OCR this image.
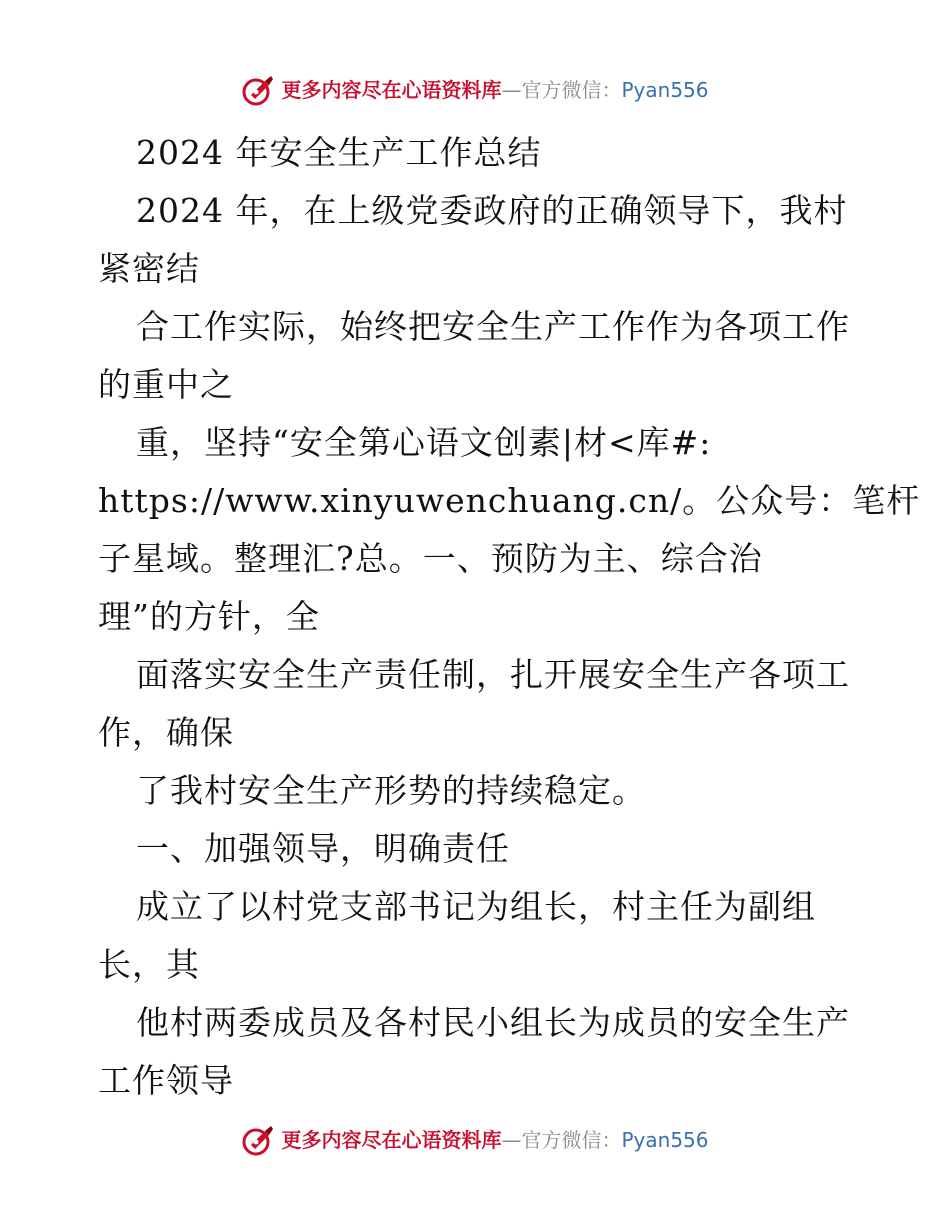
更多内容尽在心语资料库 — 官方微信： Pyan556
2024 年安全生产工作总结
2024 年，在上级党委政府的正确领导下，我村
紧密结
合工作实际，始终把安全生产工作作为各项工作
的重中之
重，坚持“安全第心语文创素|材<库#:
https://www.xinyuwenchuang.cn/。公众号：笔杆
子星域。整理汇?总。一、预防为主、综合治
理”的方针，全
面落实安全生产责任制，扎开展安全生产各项工
作，确保
了我村安全生产形势的持续稳定。
一、加强领导，明确责任
成立了以村党支部书记为组长，村主任为副组
长，其
他村两委成员及各村民小组长为成员的安全生产
工作领导
更多内容尽在心语资料库 — 官方微信： Pyan556
